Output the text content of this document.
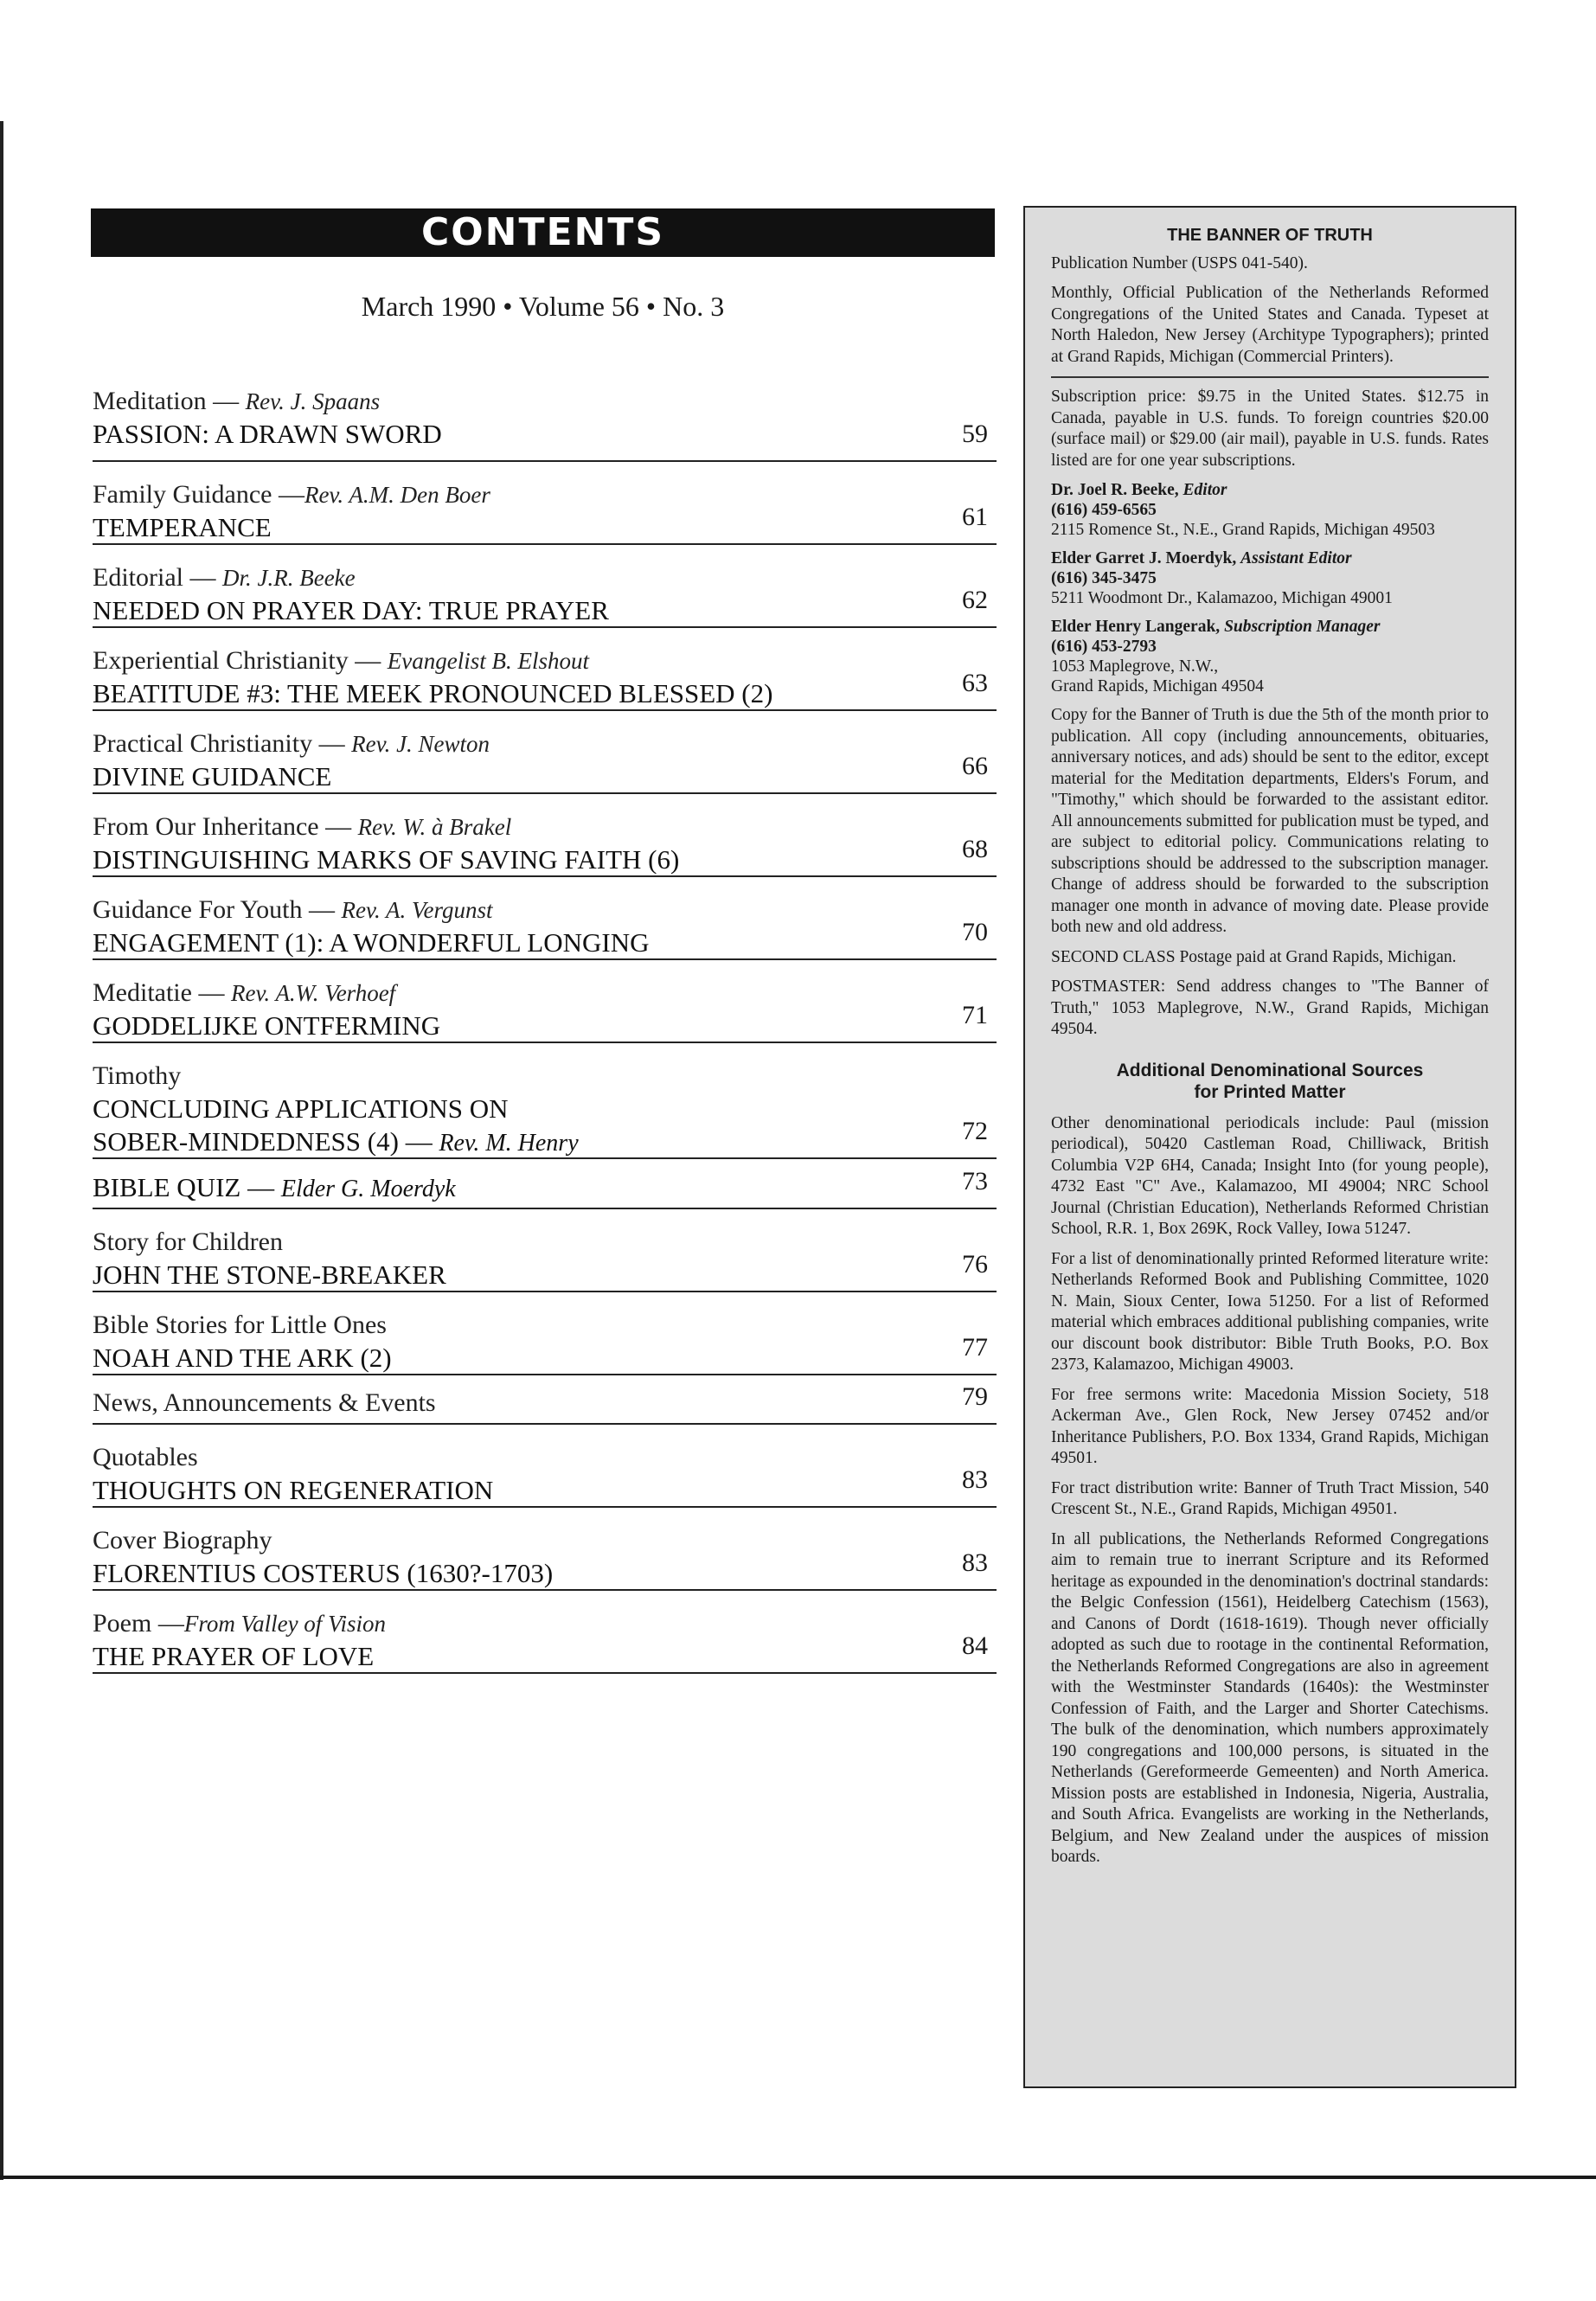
CONTENTS
March 1990 • Volume 56 • No. 3
Meditation — Rev. J. Spaans
PASSION: A DRAWN SWORD	59
Family Guidance —Rev. A.M. Den Boer
TEMPERANCE	61
Editorial — Dr. J.R. Beeke
NEEDED ON PRAYER DAY: TRUE PRAYER	62
Experiential Christianity — Evangelist B. Elshout
BEATITUDE #3: THE MEEK PRONOUNCED BLESSED (2)	63
Practical Christianity — Rev. J. Newton
DIVINE GUIDANCE	66
From Our Inheritance — Rev. W. à Brakel
DISTINGUISHING MARKS OF SAVING FAITH (6)	68
Guidance For Youth — Rev. A. Vergunst
ENGAGEMENT (1): A WONDERFUL LONGING	70
Meditatie — Rev. A.W. Verhoef
GODDELIJKE ONTFERMING	71
Timothy
CONCLUDING APPLICATIONS ON
SOBER-MINDEDNESS (4) — Rev. M. Henry	72
BIBLE QUIZ — Elder G. Moerdyk	73
Story for Children
JOHN THE STONE-BREAKER	76
Bible Stories for Little Ones
NOAH AND THE ARK (2)	77
News, Announcements & Events	79
Quotables
THOUGHTS ON REGENERATION	83
Cover Biography
FLORENTIUS COSTERUS (1630?-1703)	83
Poem —From Valley of Vision
THE PRAYER OF LOVE	84
THE BANNER OF TRUTH

Publication Number (USPS 041-540).

Monthly, Official Publication of the Netherlands Reformed Congregations of the United States and Canada. Typeset at North Haledon, New Jersey (Architype Typographers); printed at Grand Rapids, Michigan (Commercial Printers).

Subscription price: $9.75 in the United States. $12.75 in Canada, payable in U.S. funds. To foreign countries $20.00 (surface mail) or $29.00 (air mail), payable in U.S. funds. Rates listed are for one year subscriptions.

Dr. Joel R. Beeke, Editor
(616) 459-6565
2115 Romence St., N.E., Grand Rapids, Michigan 49503
Elder Garret J. Moerdyk, Assistant Editor
(616) 345-3475
5211 Woodmont Dr., Kalamazoo, Michigan 49001
Elder Henry Langerak, Subscription Manager
(616) 453-2793
1053 Maplegrove, N.W.,
Grand Rapids, Michigan 49504

Copy for the Banner of Truth is due the 5th of the month prior to publication. All copy (including announcements, obituaries, anniversary notices, and ads) should be sent to the editor, except material for the Meditation departments, Elders's Forum, and "Timothy," which should be forwarded to the assistant editor. All announcements submitted for publication must be typed, and are subject to editorial policy. Communications relating to subscriptions should be addressed to the subscription manager. Change of address should be forwarded to the subscription manager one month in advance of moving date. Please provide both new and old address.

SECOND CLASS Postage paid at Grand Rapids, Michigan.

POSTMASTER: Send address changes to "The Banner of Truth," 1053 Maplegrove, N.W., Grand Rapids, Michigan 49504.

Additional Denominational Sources
for Printed Matter

Other denominational periodicals include: Paul (mission periodical), 50420 Castleman Road, Chilliwack, British Columbia V2P 6H4, Canada; Insight Into (for young people), 4732 East "C" Ave., Kalamazoo, MI 49004; NRC School Journal (Christian Education), Netherlands Reformed Christian School, R.R. 1, Box 269K, Rock Valley, Iowa 51247.

For a list of denominationally printed Reformed literature write: Netherlands Reformed Book and Publishing Committee, 1020 N. Main, Sioux Center, Iowa 51250. For a list of Reformed material which embraces additional publishing companies, write our discount book distributor: Bible Truth Books, P.O. Box 2373, Kalamazoo, Michigan 49003.

For free sermons write: Macedonia Mission Society, 518 Ackerman Ave., Glen Rock, New Jersey 07452 and/or Inheritance Publishers, P.O. Box 1334, Grand Rapids, Michigan 49501.

For tract distribution write: Banner of Truth Tract Mission, 540 Crescent St., N.E., Grand Rapids, Michigan 49501.

In all publications, the Netherlands Reformed Congregations aim to remain true to inerrant Scripture and its Reformed heritage as expounded in the denomination's doctrinal standards: the Belgic Confession (1561), Heidelberg Catechism (1563), and Canons of Dordt (1618-1619). Though never officially adopted as such due to rootage in the continental Reformation, the Netherlands Reformed Congregations are also in agreement with the Westminster Standards (1640s): the Westminster Confession of Faith, and the Larger and Shorter Catechisms. The bulk of the denomination, which numbers approximately 190 congregations and 100,000 persons, is situated in the Netherlands (Gereformeerde Gemeenten) and North America. Mission posts are established in Indonesia, Nigeria, Australia, and South Africa. Evangelists are working in the Netherlands, Belgium, and New Zealand under the auspices of mission boards.
